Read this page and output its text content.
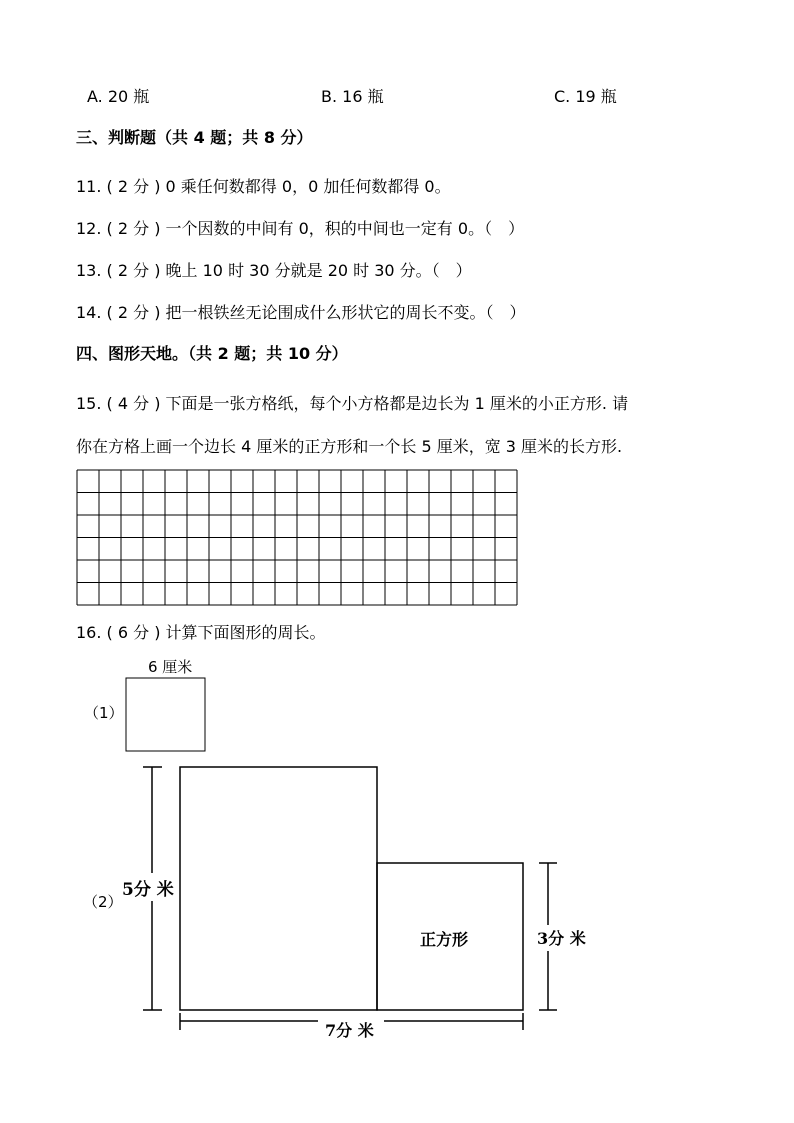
A. 20 瓶	B. 16 瓶	C. 19 瓶
三、判断题（共 4 题；共 8 分）
11. ( 2 分 ) 0 乘任何数都得 0，0 加任何数都得 0。
12. ( 2 分 ) 一个因数的中间有 0，积的中间也一定有 0。（　）
13. ( 2 分 ) 晚上 10 时 30 分就是 20 时 30 分。（　）
14. ( 2 分 ) 把一根铁丝无论围成什么形状它的周长不变。（　）
四、图形天地。（共 2 题；共 10 分）
15. ( 4 分 ) 下面是一张方格纸，每个小方格都是边长为 1 厘米的小正方形. 请
你在方格上画一个边长 4 厘米的正方形和一个长 5 厘米，宽 3 厘米的长方形.
16. ( 6 分 ) 计算下面图形的周长。
（1）
6 厘米
5分 米
3分 米
7分 米
（2）
正方形
